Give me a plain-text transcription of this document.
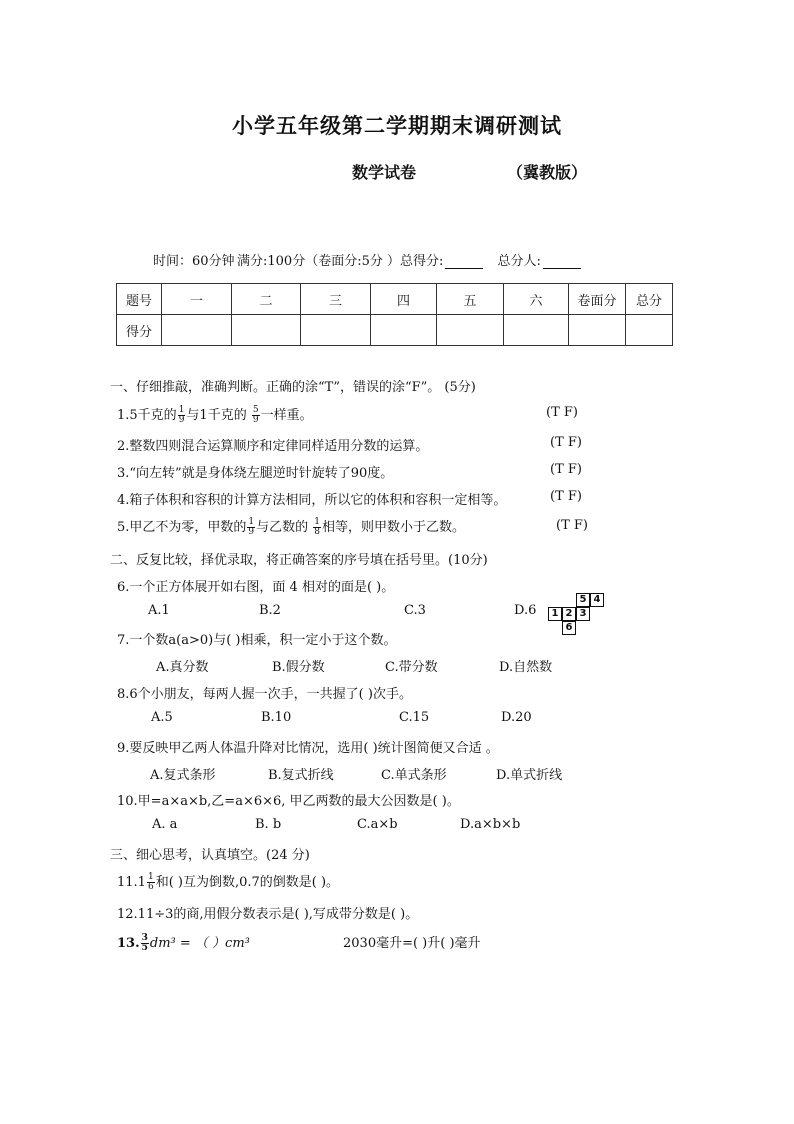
小学五年级第二学期期末调研测试
数学试卷	（冀教版）
时间：60分钟 满分:100分（卷面分:5分 ）总得分:	总分人:
题号	一	二	三	四	五	六	卷面分	总分
得分								
一、仔细推敲，准确判断。正确的涂“T”，错误的涂“F”。 (5分)
1.5千克的 $\frac{1}{9}$ 与1千克的 $\frac{5}{9}$ 一样重。	(T F)
2.整数四则混合运算顺序和定律同样适用分数的运算。	(T F)
3.“向左转”就是身体绕左腿逆时针旋转了90度。	(T F)
4.箱子体积和容积的计算方法相同，所以它的体积和容积一定相等。	(T F)
5.甲乙不为零，甲数的 $\frac{1}{9}$ 与乙数的 $\frac{1}{8}$ 相等，则甲数小于乙数。	(T F)
二、反复比较，择优录取，将正确答案的序号填在括号里。(10分)
6.一个正方体展开如右图，面 4 相对的面是( )。
A.1	B.2	C.3	D.6
5 4
1 2 3
6
7.一个数a(a>0)与( )相乘，积一定小于这个数。
A.真分数	B.假分数	C.带分数	D.自然数
8.6个小朋友，每两人握一次手，一共握了( )次手。
A.5	B.10	C.15	D.20
9.要反映甲乙两人体温升降对比情况，选用( )统计图简便又合适 。
A.复式条形	B.复式折线	C.单式条形	D.单式折线
10.甲=a×a×b,乙=a×6×6, 甲乙两数的最大公因数是( )。
A. a	B. b	C.a×b	D.a×b×b
三、细心思考，认真填空。(24 分)
$11.1 \frac{1}{6}$ 和( )互为倒数,0.7的倒数是( )。
12.11÷3的商,用假分数表示是( ),写成带分数是( )。
13. $\frac{3}{5} dm^3$ = （ ）cm³	2030毫升=( )升( )毫升
